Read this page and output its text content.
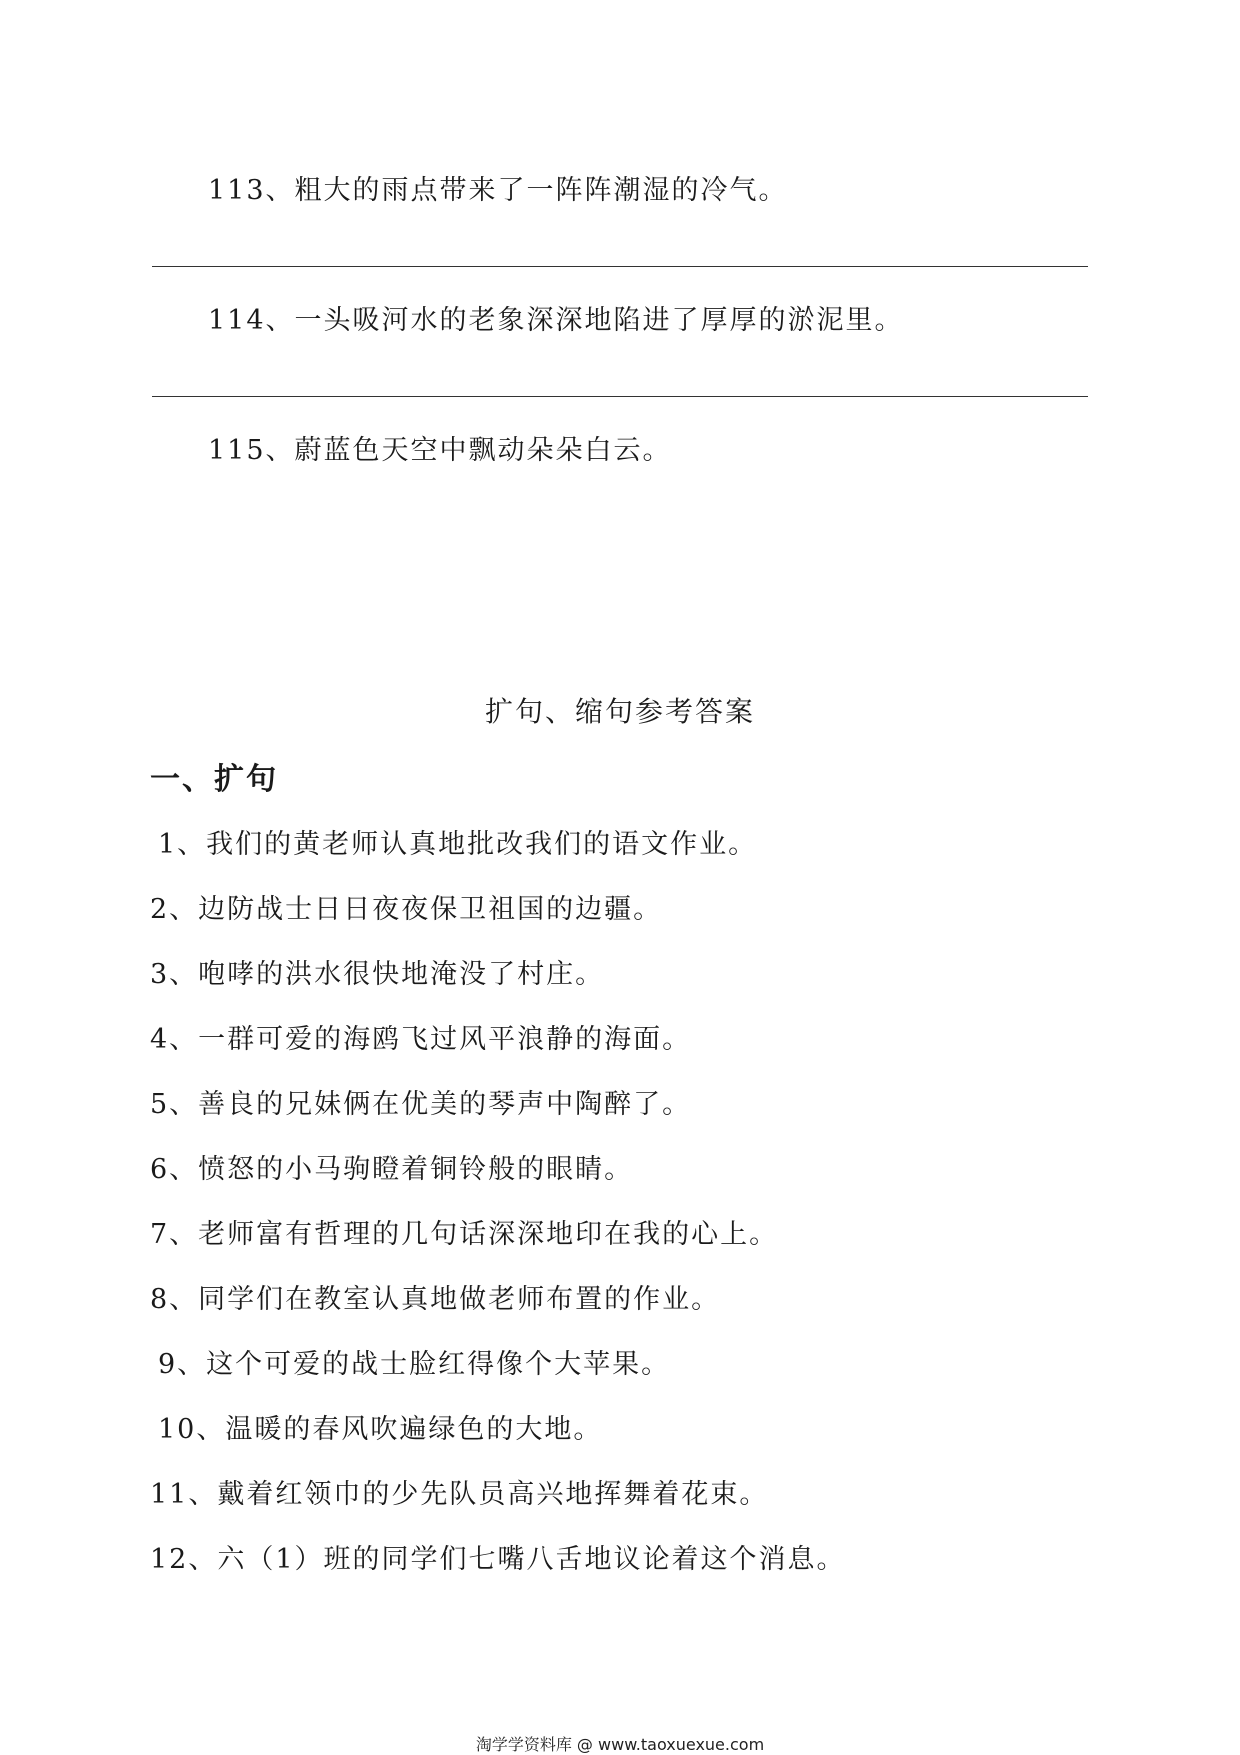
113、粗大的雨点带来了一阵阵潮湿的冷气。
114、一头吸河水的老象深深地陷进了厚厚的淤泥里。
115、蔚蓝色天空中飘动朵朵白云。
扩句、缩句参考答案
一、扩句
1、我们的黄老师认真地批改我们的语文作业。
2、边防战士日日夜夜保卫祖国的边疆。
3、咆哮的洪水很快地淹没了村庄。
4、一群可爱的海鸥飞过风平浪静的海面。
5、善良的兄妹俩在优美的琴声中陶醉了。
6、愤怒的小马驹瞪着铜铃般的眼睛。
7、老师富有哲理的几句话深深地印在我的心上。
8、同学们在教室认真地做老师布置的作业。
9、这个可爱的战士脸红得像个大苹果。
10、温暖的春风吹遍绿色的大地。
11、戴着红领巾的少先队员高兴地挥舞着花束。
12、六（1）班的同学们七嘴八舌地议论着这个消息。
淘学学资料库 @ www.taoxuexue.com
